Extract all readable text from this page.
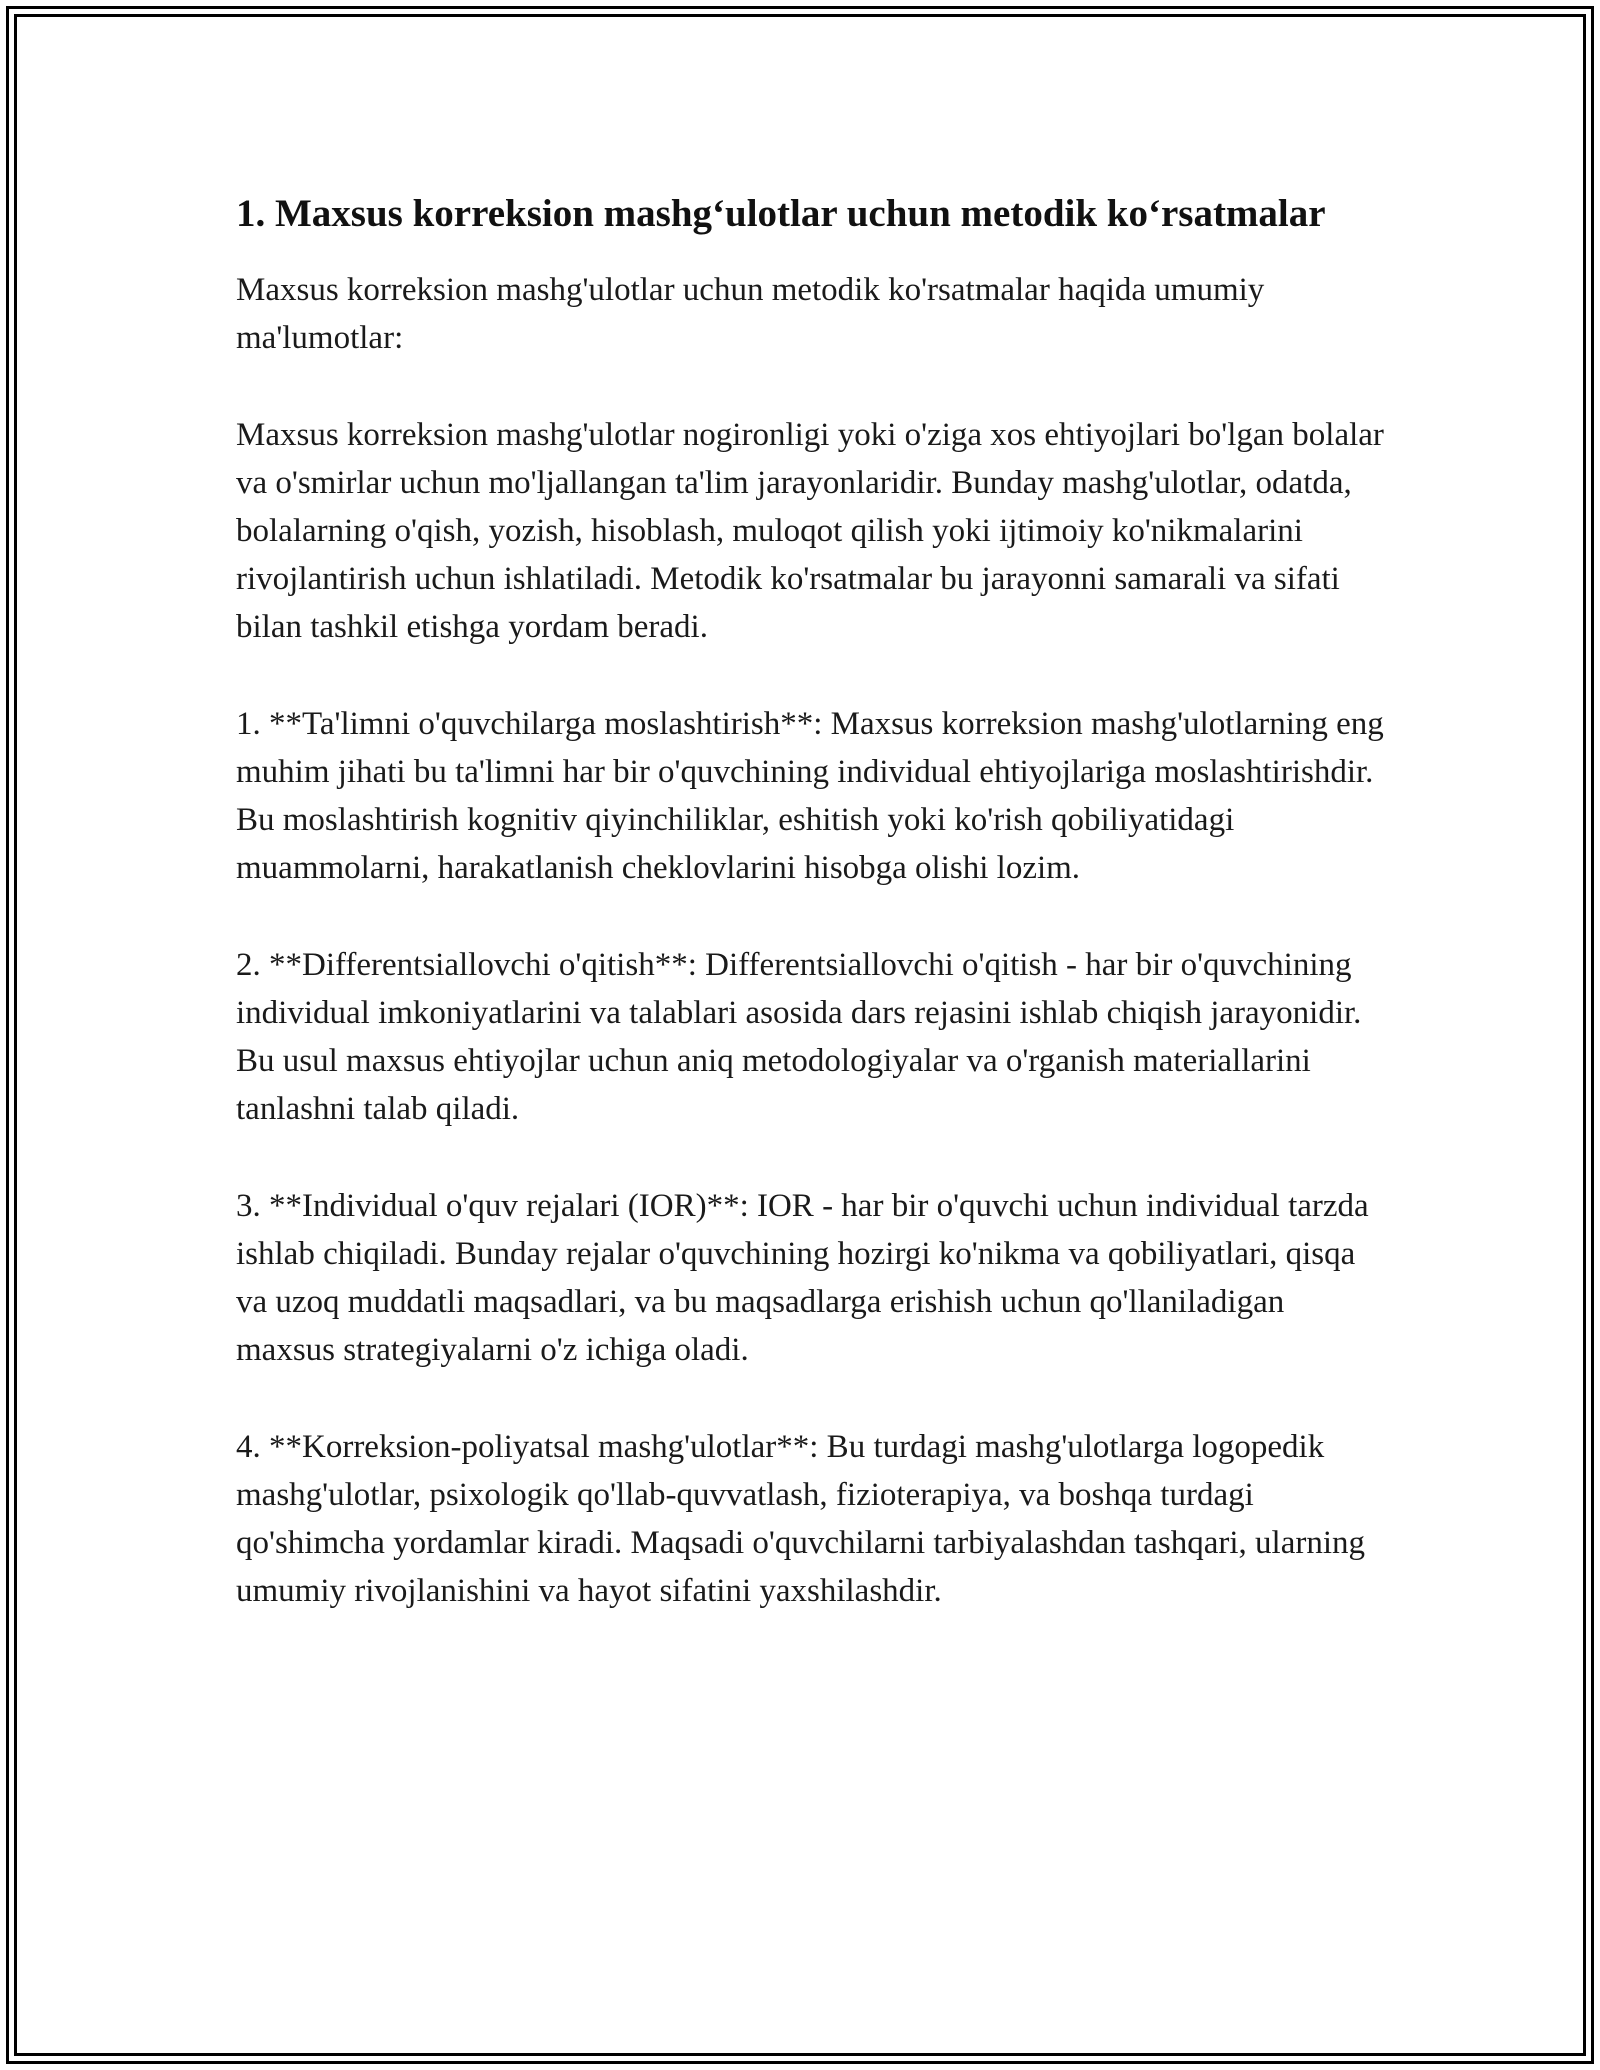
1. Maxsus korreksion mashg‘ulotlar uchun metodik ko‘rsatmalar

Maxsus korreksion mashg'ulotlar uchun metodik ko'rsatmalar haqida umumiy ma'lumotlar:

Maxsus korreksion mashg'ulotlar nogironligi yoki o'ziga xos ehtiyojlari bo'lgan bolalar va o'smirlar uchun mo'ljallangan ta'lim jarayonlaridir. Bunday mashg'ulotlar, odatda, bolalarning o'qish, yozish, hisoblash, muloqot qilish yoki ijtimoiy ko'nikmalarini rivojlantirish uchun ishlatiladi. Metodik ko'rsatmalar bu jarayonni samarali va sifati bilan tashkil etishga yordam beradi.

1. **Ta'limni o'quvchilarga moslashtirish**: Maxsus korreksion mashg'ulotlarning eng muhim jihati bu ta'limni har bir o'quvchining individual ehtiyojlariga moslashtirishdir. Bu moslashtirish kognitiv qiyinchiliklar, eshitish yoki ko'rish qobiliyatidagi muammolarni, harakatlanish cheklovlarini hisobga olishi lozim.

2. **Differentsiallovchi o'qitish**: Differentsiallovchi o'qitish - har bir o'quvchining individual imkoniyatlarini va talablari asosida dars rejasini ishlab chiqish jarayonidir. Bu usul maxsus ehtiyojlar uchun aniq metodologiyalar va o'rganish materiallarini tanlashni talab qiladi.

3. **Individual o'quv rejalari (IOR)**: IOR - har bir o'quvchi uchun individual tarzda ishlab chiqiladi. Bunday rejalar o'quvchining hozirgi ko'nikma va qobiliyatlari, qisqa va uzoq muddatli maqsadlari, va bu maqsadlarga erishish uchun qo'llaniladigan maxsus strategiyalarni o'z ichiga oladi.

4. **Korreksion-poliyatsal mashg'ulotlar**: Bu turdagi mashg'ulotlarga logopedik mashg'ulotlar, psixologik qo'llab-quvvatlash, fizioterapiya, va boshqa turdagi qo'shimcha yordamlar kiradi. Maqsadi o'quvchilarni tarbiyalashdan tashqari, ularning umumiy rivojlanishini va hayot sifatini yaxshilashdir.
